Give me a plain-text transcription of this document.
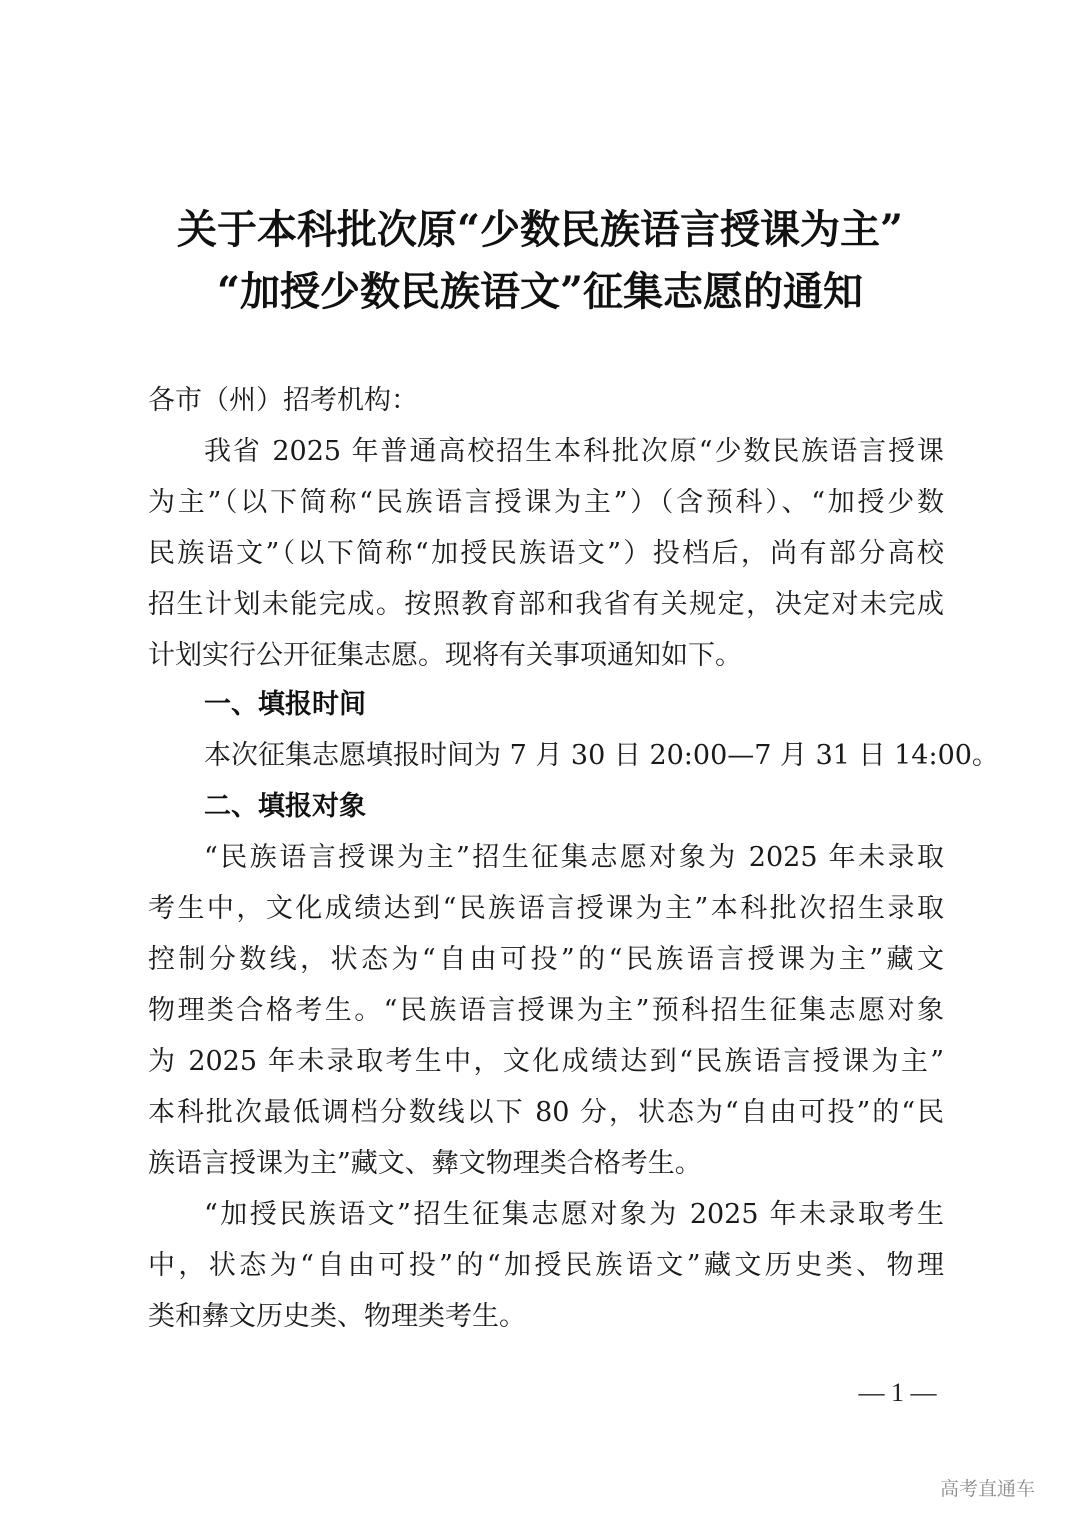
关于本科批次原“少数民族语言授课为主”
“加授少数民族语文”征集志愿的通知
各市（州）招考机构：
我省 2025 年普通高校招生本科批次原“少数民族语言授课
为主”（以下简称“民族语言授课为主”）（含预科）、“加授少数
民族语文”（以下简称“加授民族语文”）投档后，尚有部分高校
招生计划未能完成。按照教育部和我省有关规定，决定对未完成
计划实行公开征集志愿。现将有关事项通知如下。
一、填报时间
本次征集志愿填报时间为 7 月 30 日 20:00—7 月 31 日 14:00。
二、填报对象
“民族语言授课为主”招生征集志愿对象为 2025 年未录取
考生中，文化成绩达到“民族语言授课为主”本科批次招生录取
控制分数线，状态为“自由可投”的“民族语言授课为主”藏文
物理类合格考生。“民族语言授课为主”预科招生征集志愿对象
为 2025 年未录取考生中，文化成绩达到“民族语言授课为主”
本科批次最低调档分数线以下 80 分，状态为“自由可投”的“民
族语言授课为主”藏文、彝文物理类合格考生。
“加授民族语文”招生征集志愿对象为 2025 年未录取考生
中，状态为“自由可投”的“加授民族语文”藏文历史类、物理
类和彝文历史类、物理类考生。
— 1 —
高考直通车
